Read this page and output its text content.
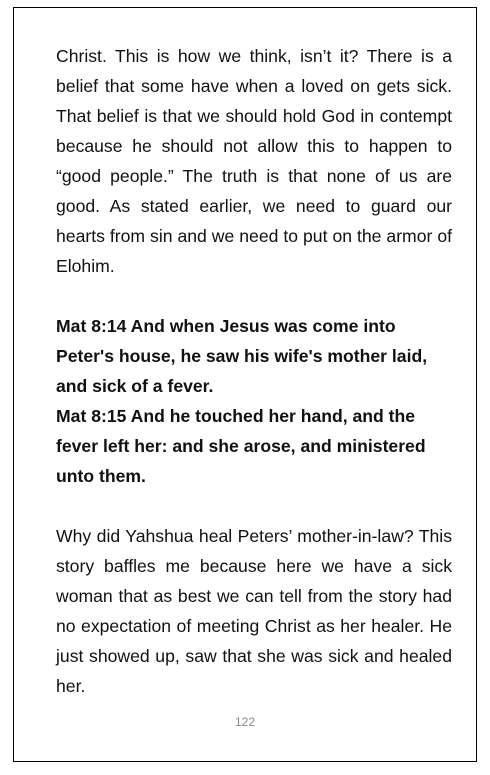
Christ. This is how we think, isn’t it? There is a belief that some have when a loved on gets sick. That belief is that we should hold God in contempt because he should not allow this to happen to “good people.” The truth is that none of us are good. As stated earlier, we need to guard our hearts from sin and we need to put on the armor of Elohim.

Mat 8:14 And when Jesus was come into Peter's house, he saw his wife's mother laid, and sick of a fever.

Mat 8:15 And he touched her hand, and the fever left her: and she arose, and ministered unto them.

Why did Yahshua heal Peters’ mother-in-law? This story baffles me because here we have a sick woman that as best we can tell from the story had no expectation of meeting Christ as her healer. He just showed up, saw that she was sick and healed her.

122
